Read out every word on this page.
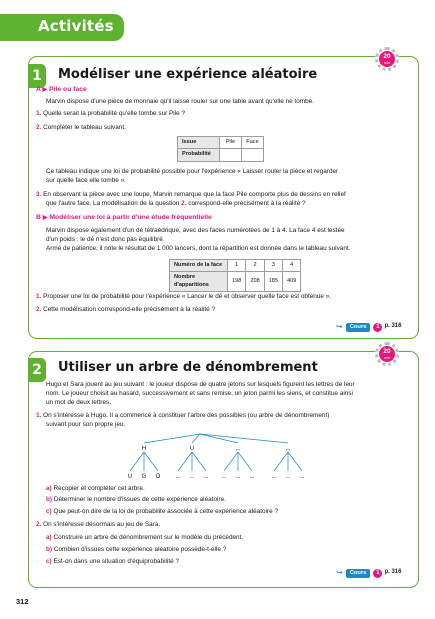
Activités
1	Modéliser une expérience aléatoire
20
min
A ▶ Pile ou face
Marvin dispose d'une pièce de monnaie qu'il laisse rouler sur une table avant qu'elle ne tombe.
1. Quelle serait la probabilité qu'elle tombe sur Pile ?
2. Compléter le tableau suivant.
Issue	Pile	Face
Probabilité		
Ce tableau indique une loi de probabilité possible pour l'expérience « Laisser rouler la pièce et regarder
sur quelle face elle tombe ».
3. En observant la pièce avec une loupe, Marvin remarque que la face Pile comporte plus de dessins en relief
que l'autre face. La modélisation de la question 2. correspond-elle précisément à la réalité ?
B ▶ Modéliser une loi à partir d'une étude fréquentielle
Marvin dispose également d'un dé tétraédrique, avec des faces numérotées de 1 à 4. La face 4 est lestée
d'un poids : le dé n'est donc pas équilibré.
Armé de patience, il note le résultat de 1 000 lancers, dont la répartition est donnée dans le tableau suivant.
Numéro de la face	1	2	3	4
Nombre d'apparitions	198	208	185	409
1. Proposer une loi de probabilité pour l'expérience « Lancer le dé et observer quelle face est obtenue ».
2. Cette modélisation correspond-elle précisément à la réalité ?
↪	Cours	1 p. 316
2	Utiliser un arbre de dénombrement
20
min
Hugo et Sara jouent au jeu suivant : le joueur dispose de quatre jetons sur lesquels figurent les lettres de leur
nom. Le joueur choisit au hasard, successivement et sans remise, un jeton parmi les siens, et constitue ainsi
un mot de deux lettres.
1. On s'intéresse à Hugo. Il a commencé à constituer l'arbre des possibles (ou arbre de dénombrement)
suivant pour son propre jeu.
H
U G O
U
... ... ...
...
... ... ...
...
... ... ...
a) Recopier et compléter cet arbre.
b) Déterminer le nombre d'issues de cette expérience aléatoire.
c) Que peut-on dire de la loi de probabilité associée à cette expérience aléatoire ?
2. On s'intéresse désormais au jeu de Sara.
a) Construire un arbre de dénombrement sur le modèle du précédent.
b) Combien d'issues cette expérience aléatoire possède-t-elle ?
c) Est-on dans une situation d'équiprobabilité ?
↪	Cours	1 p. 316
312
